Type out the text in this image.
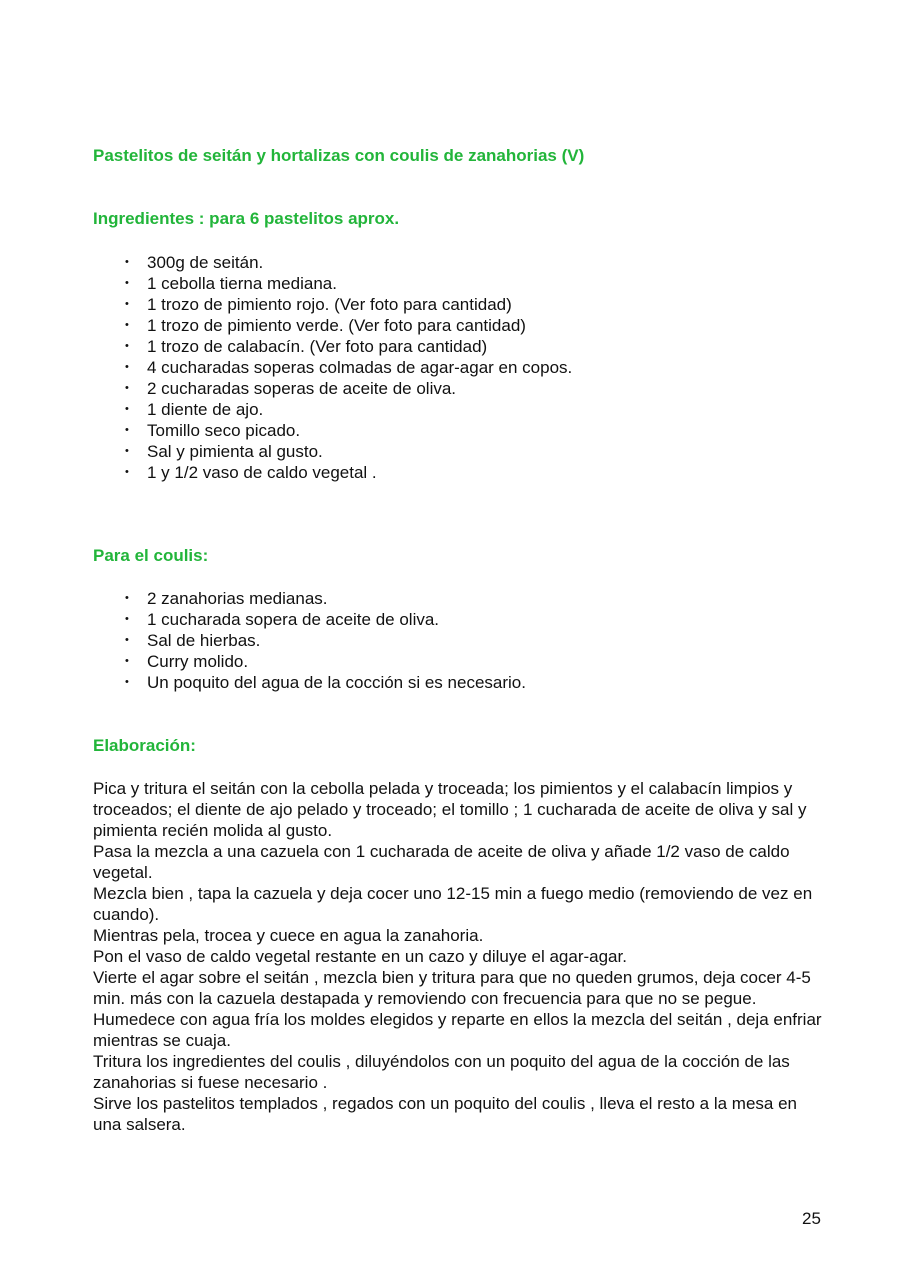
Pastelitos de seitán y hortalizas con coulis de zanahorias (V)
Ingredientes : para 6 pastelitos aprox.
• 300g de seitán.
• 1 cebolla tierna mediana.
• 1 trozo de pimiento rojo. (Ver foto para cantidad)
• 1 trozo de pimiento verde. (Ver foto para cantidad)
• 1 trozo de calabacín. (Ver foto para cantidad)
• 4 cucharadas soperas colmadas de agar-agar en copos.
• 2 cucharadas soperas de aceite de oliva.
• 1 diente de ajo.
• Tomillo seco picado.
• Sal y pimienta al gusto.
• 1 y 1/2 vaso de caldo vegetal .
Para el coulis:
• 2 zanahorias medianas.
• 1 cucharada sopera de aceite de oliva.
• Sal de hierbas.
• Curry molido.
• Un poquito del agua de la cocción si es necesario.
Elaboración:

Pica y tritura el seitán con la cebolla pelada y troceada; los pimientos y el calabacín limpios y troceados; el diente de ajo pelado y troceado; el tomillo ; 1 cucharada de aceite de oliva y sal y pimienta recién molida al gusto.

Pasa la mezcla a una cazuela con 1 cucharada de aceite de oliva y añade 1/2 vaso de caldo vegetal.

Mezcla bien , tapa la cazuela y deja cocer uno 12-15 min a fuego medio (removiendo de vez en cuando).

Mientras pela, trocea y cuece en agua la zanahoria.

Pon el vaso de caldo vegetal restante en un cazo y diluye el agar-agar.

Vierte el agar sobre el seitán , mezcla bien y tritura para que no queden grumos, deja cocer 4-5 min. más con la cazuela destapada y removiendo con frecuencia para que no se pegue.

Humedece con agua fría los moldes elegidos y reparte en ellos la mezcla del seitán , deja enfriar mientras se cuaja.

Tritura los ingredientes del coulis , diluyéndolos con un poquito del agua de la cocción de las zanahorias si fuese necesario .

Sirve los pastelitos templados , regados con un poquito del coulis , lleva el resto a la mesa en una salsera.

25
